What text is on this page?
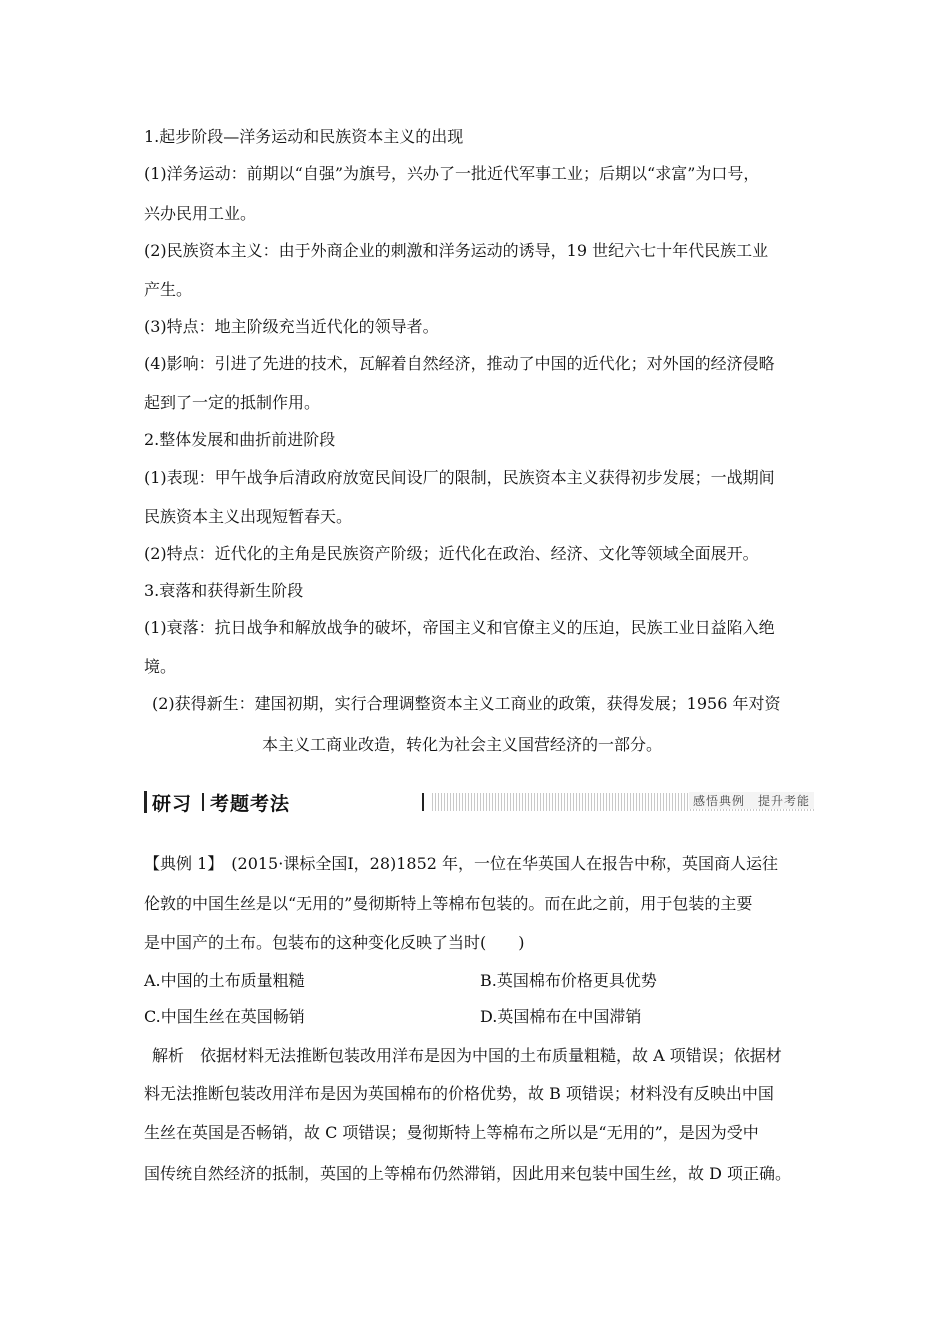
1.起步阶段—洋务运动和民族资本主义的出现
(1)洋务运动：前期以“自强”为旗号，兴办了一批近代军事工业；后期以“求富”为口号，
兴办民用工业。
(2)民族资本主义：由于外商企业的刺激和洋务运动的诱导，19 世纪六七十年代民族工业
产生。
(3)特点：地主阶级充当近代化的领导者。
(4)影响：引进了先进的技术，瓦解着自然经济，推动了中国的近代化；对外国的经济侵略
起到了一定的抵制作用。
2.整体发展和曲折前进阶段
(1)表现：甲午战争后清政府放宽民间设厂的限制，民族资本主义获得初步发展；一战期间
民族资本主义出现短暂春天。
(2)特点：近代化的主角是民族资产阶级；近代化在政治、经济、文化等领域全面展开。
3.衰落和获得新生阶段
(1)衰落：抗日战争和解放战争的破坏，帝国主义和官僚主义的压迫，民族工业日益陷入绝
境。
(2)获得新生：建国初期，实行合理调整资本主义工商业的政策，获得发展；1956 年对资
本主义工商业改造，转化为社会主义国营经济的一部分。
研习 考题考法	感悟典例　提升考能
【典例 1】　(2015·课标全国Ⅰ，28)1852 年，一位在华英国人在报告中称，英国商人运往
伦敦的中国生丝是以“无用的”曼彻斯特上等棉布包装的。而在此之前，用于包装的主要
是中国产的土布。包装布的这种变化反映了当时(　　)
A.中国的土布质量粗糙	B.英国棉布价格更具优势
C.中国生丝在英国畅销	D.英国棉布在中国滞销
解析　依据材料无法推断包装改用洋布是因为中国的土布质量粗糙，故 A 项错误；依据材
料无法推断包装改用洋布是因为英国棉布的价格优势，故 B 项错误；材料没有反映出中国
生丝在英国是否畅销，故 C 项错误；曼彻斯特上等棉布之所以是“无用的”，是因为受中
国传统自然经济的抵制，英国的上等棉布仍然滞销，因此用来包装中国生丝，故 D 项正确。
